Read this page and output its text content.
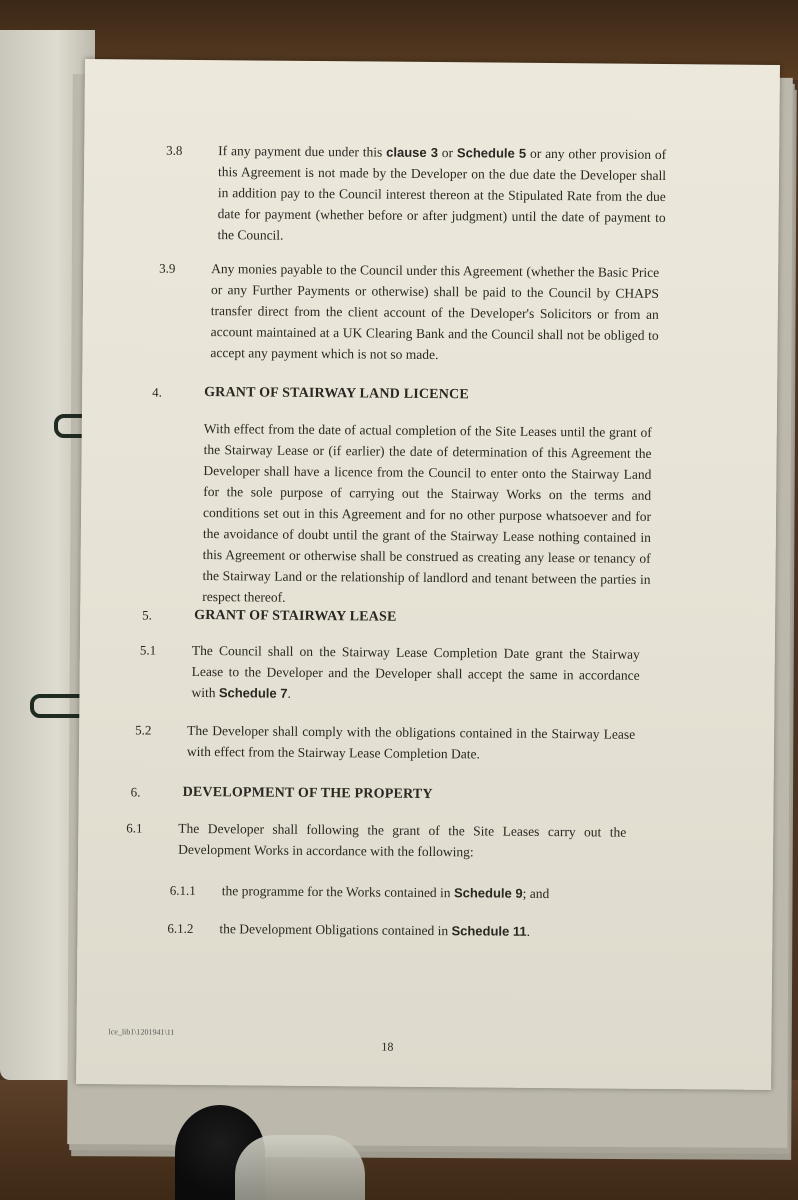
3.8	If any payment due under this clause 3 or Schedule 5 or any other provision of this Agreement is not made by the Developer on the due date the Developer shall in addition pay to the Council interest thereon at the Stipulated Rate from the due date for payment (whether before or after judgment) until the date of payment to the Council.
3.9	Any monies payable to the Council under this Agreement (whether the Basic Price or any Further Payments or otherwise) shall be paid to the Council by CHAPS transfer direct from the client account of the Developer's Solicitors or from an account maintained at a UK Clearing Bank and the Council shall not be obliged to accept any payment which is not so made.
4.	GRANT OF STAIRWAY LAND LICENCE
With effect from the date of actual completion of the Site Leases until the grant of the Stairway Lease or (if earlier) the date of determination of this Agreement the Developer shall have a licence from the Council to enter onto the Stairway Land for the sole purpose of carrying out the Stairway Works on the terms and conditions set out in this Agreement and for no other purpose whatsoever and for the avoidance of doubt until the grant of the Stairway Lease nothing contained in this Agreement or otherwise shall be construed as creating any lease or tenancy of the Stairway Land or the relationship of landlord and tenant between the parties in respect thereof.
5.	GRANT OF STAIRWAY LEASE
5.1	The Council shall on the Stairway Lease Completion Date grant the Stairway Lease to the Developer and the Developer shall accept the same in accordance with Schedule 7.
5.2	The Developer shall comply with the obligations contained in the Stairway Lease with effect from the Stairway Lease Completion Date.
6.	DEVELOPMENT OF THE PROPERTY
6.1	The Developer shall following the grant of the Site Leases carry out the Development Works in accordance with the following:
6.1.1	the programme for the Works contained in Schedule 9; and
6.1.2	the Development Obligations contained in Schedule 11.
lce_lib1\1201941\11
18
